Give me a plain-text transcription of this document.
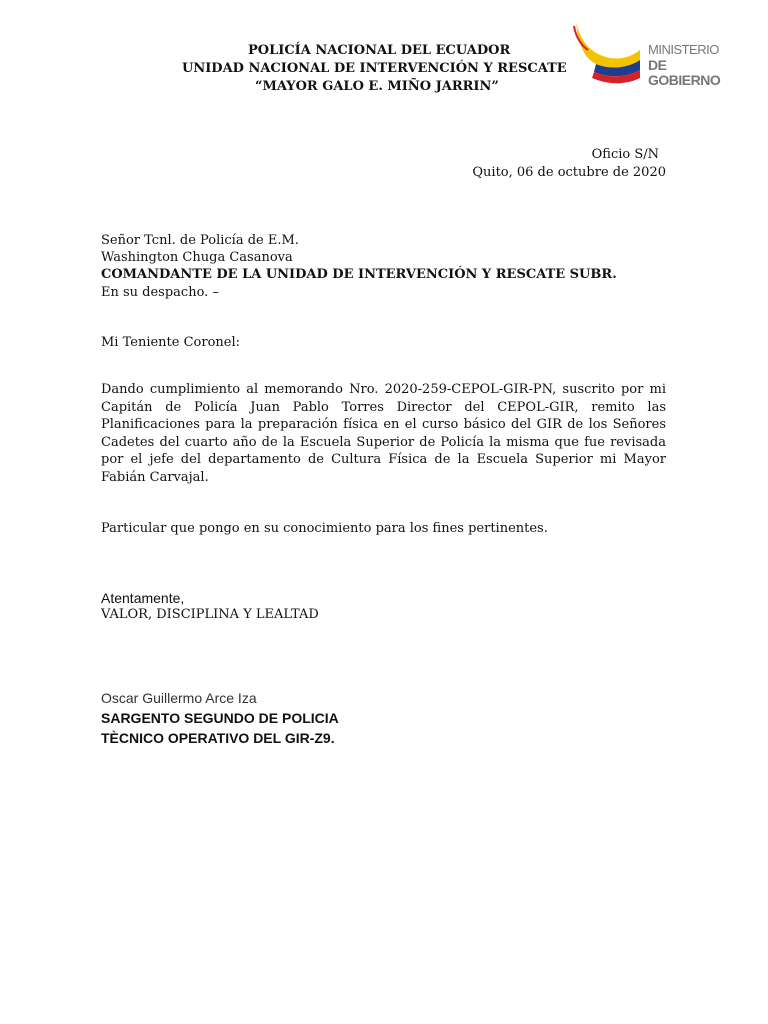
POLICÍA NACIONAL DEL ECUADOR
UNIDAD NACIONAL DE INTERVENCIÓN Y RESCATE
“MAYOR GALO E. MIÑO JARRIN”
MINISTERIO
DE GOBIERNO
Oficio S/N
Quito, 06 de octubre de 2020
Señor Tcnl. de Policía de E.M.
Washington Chuga Casanova
COMANDANTE DE LA UNIDAD DE INTERVENCIÓN Y RESCATE SUBR.
En su despacho. –
Mi Teniente Coronel:
Dando cumplimiento al memorando Nro. 2020-259-CEPOL-GIR-PN, suscrito por mi Capitán de Policía Juan Pablo Torres Director del CEPOL-GIR, remito las Planificaciones para la preparación física en el curso básico del GIR de los Señores Cadetes del cuarto año de la Escuela Superior de Policía la misma que fue revisada por el jefe del departamento de Cultura Física de la Escuela Superior mi Mayor Fabián Carvajal.
Particular que pongo en su conocimiento para los fines pertinentes.
Atentamente,
VALOR, DISCIPLINA Y LEALTAD
Oscar Guillermo Arce Iza
SARGENTO SEGUNDO DE POLICIA
TÈCNICO OPERATIVO DEL GIR-Z9.
